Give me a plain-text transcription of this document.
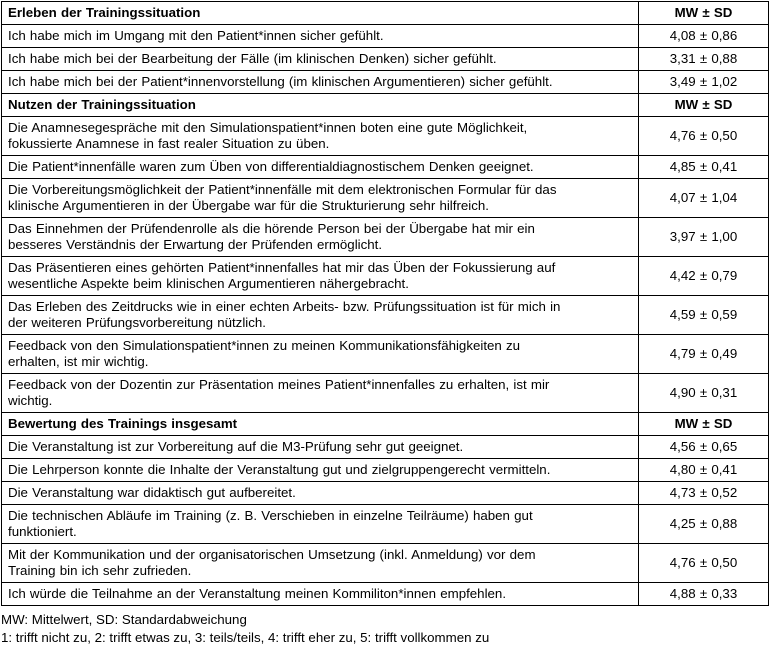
Erleben der Trainingssituation	MW ± SD
Ich habe mich im Umgang mit den Patient*innen sicher gefühlt.	4,08 ± 0,86
Ich habe mich bei der Bearbeitung der Fälle (im klinischen Denken) sicher gefühlt.	3,31 ± 0,88
Ich habe mich bei der Patient*innenvorstellung (im klinischen Argumentieren) sicher gefühlt.	3,49 ± 1,02
Nutzen der Trainingssituation	MW ± SD

Die Anamnesegespräche mit den Simulationspatient*innen boten eine gute Möglichkeit,
fokussierte Anamnese in fast realer Situation zu üben.	4,76 ± 0,50
Die Patient*innenfälle waren zum Üben von differentialdiagnostischem Denken geeignet.	4,85 ± 0,41

Die Vorbereitungsmöglichkeit der Patient*innenfälle mit dem elektronischen Formular für das
klinische Argumentieren in der Übergabe war für die Strukturierung sehr hilfreich.	4,07 ± 1,04

Das Einnehmen der Prüfendenrolle als die hörende Person bei der Übergabe hat mir ein
besseres Verständnis der Erwartung der Prüfenden ermöglicht.	3,97 ± 1,00

Das Präsentieren eines gehörten Patient*innenfalles hat mir das Üben der Fokussierung auf
wesentliche Aspekte beim klinischen Argumentieren nähergebracht.	4,42 ± 0,79

Das Erleben des Zeitdrucks wie in einer echten Arbeits- bzw. Prüfungssituation ist für mich in
der weiteren Prüfungsvorbereitung nützlich.	4,59 ± 0,59

Feedback von den Simulationspatient*innen zu meinen Kommunikationsfähigkeiten zu
erhalten, ist mir wichtig.	4,79 ± 0,49

Feedback von der Dozentin zur Präsentation meines Patient*innenfalles zu erhalten, ist mir
wichtig.	4,90 ± 0,31
Bewertung des Trainings insgesamt	MW ± SD
Die Veranstaltung ist zur Vorbereitung auf die M3-Prüfung sehr gut geeignet.	4,56 ± 0,65
Die Lehrperson konnte die Inhalte der Veranstaltung gut und zielgruppengerecht vermitteln.	4,80 ± 0,41
Die Veranstaltung war didaktisch gut aufbereitet.	4,73 ± 0,52

Die technischen Abläufe im Training (z. B. Verschieben in einzelne Teilräume) haben gut
funktioniert.	4,25 ± 0,88

Mit der Kommunikation und der organisatorischen Umsetzung (inkl. Anmeldung) vor dem
Training bin ich sehr zufrieden.	4,76 ± 0,50
Ich würde die Teilnahme an der Veranstaltung meinen Kommiliton*innen empfehlen.	4,88 ± 0,33
MW: Mittelwert, SD: Standardabweichung
1: trifft nicht zu, 2: trifft etwas zu, 3: teils/teils, 4: trifft eher zu, 5: trifft vollkommen zu
